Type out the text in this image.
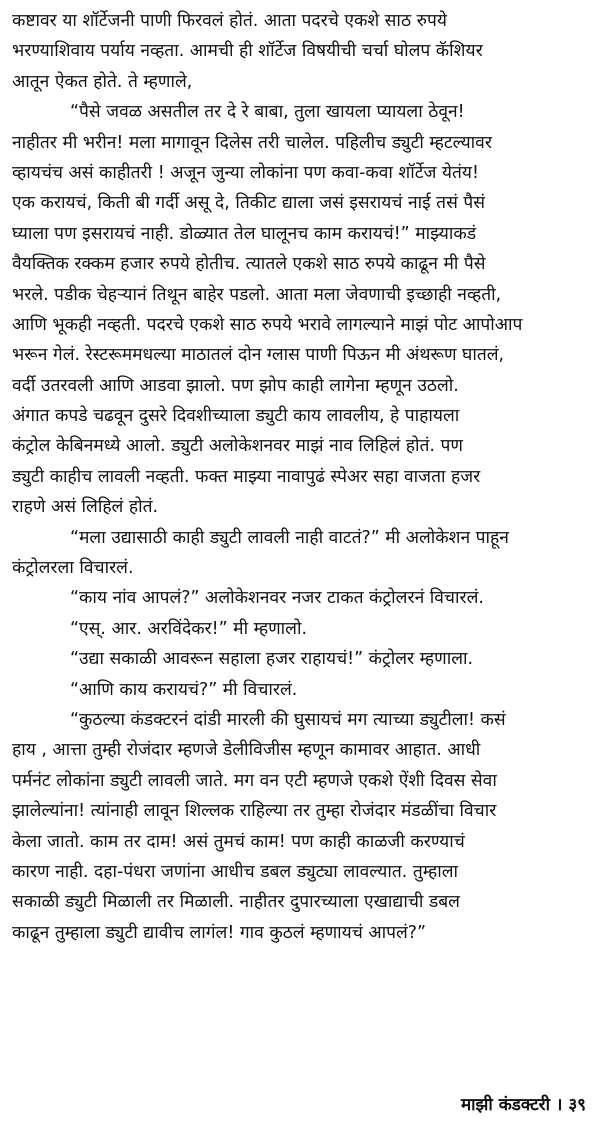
कष्टावर या शॉर्टेजनी पाणी फिरवलं होतं. आता पदरचे एकशे साठ रुपये
भरण्याशिवाय पर्याय नव्हता. आमची ही शॉर्टेज विषयीची चर्चा घोलप कॅशियर
आतून ऐकत होते. ते म्हणाले,
“पैसे जवळ असतील तर दे रे बाबा, तुला खायला प्यायला ठेवून!
नाहीतर मी भरीन! मला मागावून दिलेस तरी चालेल. पहिलीच ड्युटी म्हटल्यावर
व्हायचंच असं काहीतरी ! अजून जुन्या लोकांना पण कवा-कवा शॉर्टेज येतंय!
एक करायचं, किती बी गर्दी असू दे, तिकीट द्याला जसं इसरायचं नाई तसं पैसं
घ्याला पण इसरायचं नाही. डोळ्यात तेल घालूनच काम करायचं!” माझ्याकडं
वैयक्तिक रक्कम हजार रुपये होतीच. त्यातले एकशे साठ रुपये काढून मी पैसे
भरले. पडीक चेहऱ्यानं तिथून बाहेर पडलो. आता मला जेवणाची इच्छाही नव्हती,
आणि भूकही नव्हती. पदरचे एकशे साठ रुपये भरावे लागल्याने माझं पोट आपोआप
भरून गेलं. रेस्टरूममधल्या माठातलं दोन ग्लास पाणी पिऊन मी अंथरूण घातलं,
वर्दी उतरवली आणि आडवा झालो. पण झोप काही लागेना म्हणून उठलो.
अंगात कपडे चढवून दुसरे दिवशीच्याला ड्युटी काय लावलीय, हे पाहायला
कंट्रोल केबिनमध्ये आलो. ड्युटी अलोकेशनवर माझं नाव लिहिलं होतं. पण
ड्युटी काहीच लावली नव्हती. फक्त माझ्या नावापुढं स्पेअर सहा वाजता हजर
राहणे असं लिहिलं होतं.
“मला उद्यासाठी काही ड्युटी लावली नाही वाटतं?” मी अलोकेशन पाहून
कंट्रोलरला विचारलं.
“काय नांव आपलं?” अलोकेशनवर नजर टाकत कंट्रोलरनं विचारलं.
“एस्. आर. अरविंदेकर!” मी म्हणालो.
“उद्या सकाळी आवरून सहाला हजर राहायचं!” कंट्रोलर म्हणाला.
“आणि काय करायचं?” मी विचारलं.
“कुठल्या कंडक्टरनं दांडी मारली की घुसायचं मग त्याच्या ड्युटीला! कसं
हाय , आत्ता तुम्ही रोजंदार म्हणजे डेलीविजीस म्हणून कामावर आहात. आधी
पर्मनंट लोकांना ड्युटी लावली जाते. मग वन एटी म्हणजे एकशे ऐंशी दिवस सेवा
झालेल्यांना! त्यांनाही लावून शिल्लक राहिल्या तर तुम्हा रोजंदार मंडळींचा विचार
केला जातो. काम तर दाम! असं तुमचं काम! पण काही काळजी करण्याचं
कारण नाही. दहा-पंधरा जणांना आधीच डबल ड्युट्या लावल्यात. तुम्हाला
सकाळी ड्युटी मिळाली तर मिळाली. नाहीतर दुपारच्याला एखाद्याची डबल
काढून तुम्हाला ड्युटी द्यावीच लागंल! गाव कुठलं म्हणायचं आपलं?”
माझी कंडक्टरी । ३९
